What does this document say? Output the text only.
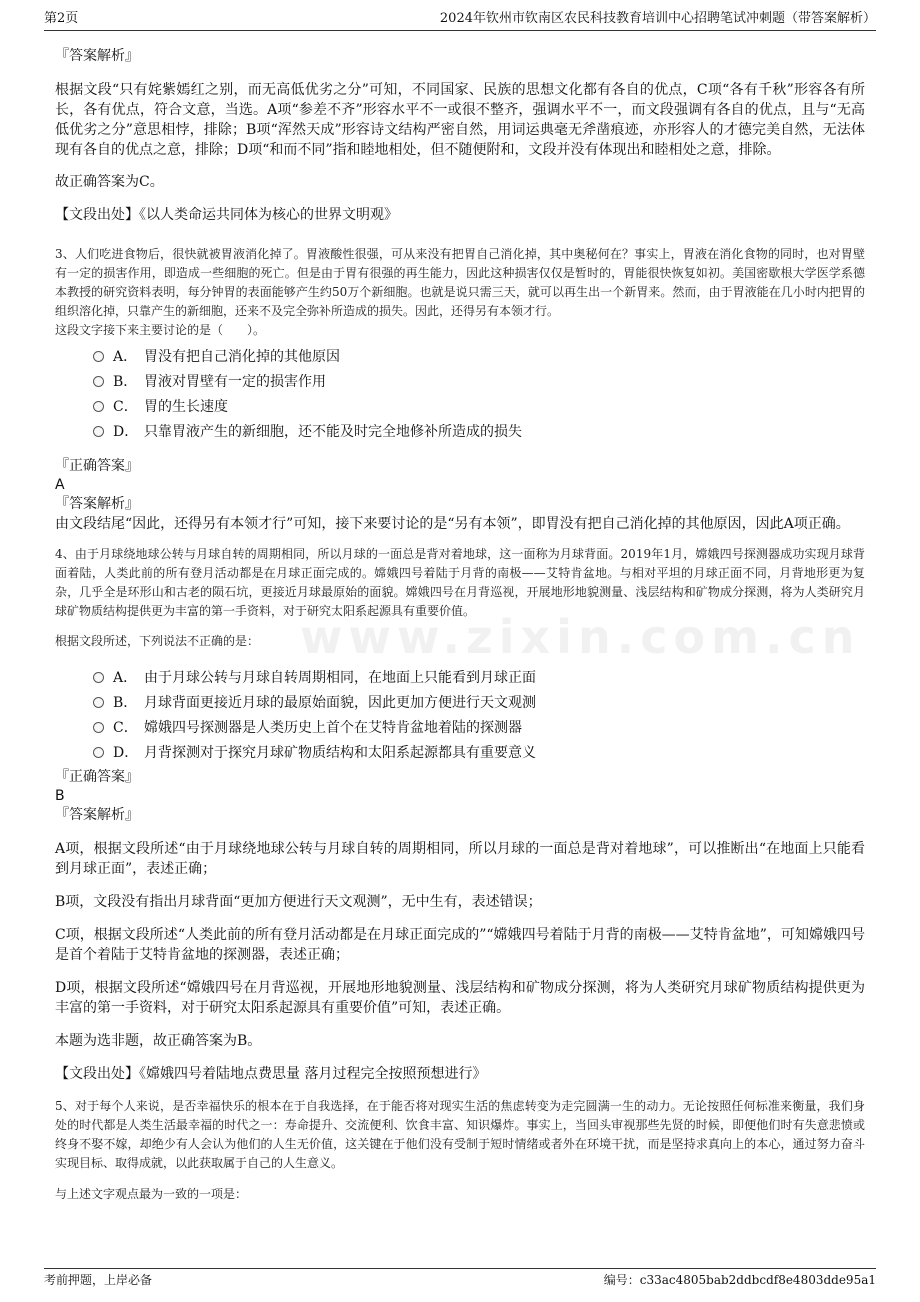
第2页	2024年钦州市钦南区农民科技教育培训中心招聘笔试冲刺题（带答案解析）
www.zixin.com.cn

『答案解析』

根据文段“只有姹紫嫣红之别，而无高低优劣之分”可知，不同国家、民族的思想文化都有各自的优点，C项“各有千秋”形容各有所长，各有优点，符合文意，当选。A项“参差不齐”形容水平不一或很不整齐，强调水平不一，而文段强调有各自的优点，且与“无高低优劣之分”意思相悖，排除；B项“浑然天成”形容诗文结构严密自然，用词运典毫无斧凿痕迹，亦形容人的才德完美自然，无法体现有各自的优点之意，排除；D项“和而不同”指和睦地相处，但不随便附和，文段并没有体现出和睦相处之意，排除。

故正确答案为C。

【文段出处】《以人类命运共同体为核心的世界文明观》

3、人们吃进食物后，很快就被胃液消化掉了。胃液酸性很强，可从来没有把胃自己消化掉，其中奥秘何在？事实上，胃液在消化食物的同时，也对胃壁有一定的损害作用，即造成一些细胞的死亡。但是由于胃有很强的再生能力，因此这种损害仅仅是暂时的，胃能很快恢复如初。美国密歇根大学医学系德本教授的研究资料表明，每分钟胃的表面能够产生约50万个新细胞。也就是说只需三天，就可以再生出一个新胃来。然而，由于胃液能在几小时内把胃的组织溶化掉，只靠产生的新细胞，还来不及完全弥补所造成的损失。因此，还得另有本领才行。

这段文字接下来主要讨论的是（　　）。

A． 胃没有把自己消化掉的其他原因
B． 胃液对胃壁有一定的损害作用
C． 胃的生长速度
D． 只靠胃液产生的新细胞，还不能及时完全地修补所造成的损失

『正确答案』

A

『答案解析』

由文段结尾“因此，还得另有本领才行”可知，接下来要讨论的是“另有本领”，即胃没有把自己消化掉的其他原因，因此A项正确。

4、由于月球绕地球公转与月球自转的周期相同，所以月球的一面总是背对着地球，这一面称为月球背面。2019年1月，嫦娥四号探测器成功实现月球背面着陆，人类此前的所有登月活动都是在月球正面完成的。嫦娥四号着陆于月背的南极——艾特肯盆地。与相对平坦的月球正面不同，月背地形更为复杂，几乎全是环形山和古老的陨石坑，更接近月球最原始的面貌。嫦娥四号在月背巡视，开展地形地貌测量、浅层结构和矿物成分探测，将为人类研究月球矿物质结构提供更为丰富的第一手资料，对于研究太阳系起源具有重要价值。

根据文段所述，下列说法不正确的是：

A． 由于月球公转与月球自转周期相同，在地面上只能看到月球正面
B． 月球背面更接近月球的最原始面貌，因此更加方便进行天文观测
C． 嫦娥四号探测器是人类历史上首个在艾特肯盆地着陆的探测器
D． 月背探测对于探究月球矿物质结构和太阳系起源都具有重要意义

『正确答案』

B

『答案解析』

A项，根据文段所述“由于月球绕地球公转与月球自转的周期相同，所以月球的一面总是背对着地球”，可以推断出“在地面上只能看到月球正面”，表述正确；

B项，文段没有指出月球背面“更加方便进行天文观测”，无中生有，表述错误；

C项，根据文段所述“人类此前的所有登月活动都是在月球正面完成的”“嫦娥四号着陆于月背的南极——艾特肯盆地”，可知嫦娥四号是首个着陆于艾特肯盆地的探测器，表述正确；

D项，根据文段所述“嫦娥四号在月背巡视，开展地形地貌测量、浅层结构和矿物成分探测，将为人类研究月球矿物质结构提供更为丰富的第一手资料，对于研究太阳系起源具有重要价值”可知，表述正确。

本题为选非题，故正确答案为B。

【文段出处】《嫦娥四号着陆地点费思量 落月过程完全按照预想进行》

5、对于每个人来说，是否幸福快乐的根本在于自我选择，在于能否将对现实生活的焦虑转变为走完圆满一生的动力。无论按照任何标准来衡量，我们身处的时代都是人类生活最幸福的时代之一：寿命提升、交流便利、饮食丰富、知识爆炸。事实上，当回头审视那些先贤的时候，即便他们时有失意悲愤或终身不娶不嫁，却绝少有人会认为他们的人生无价值，这关键在于他们没有受制于短时情绪或者外在环境干扰，而是坚持求真向上的本心，通过努力奋斗实现目标、取得成就，以此获取属于自己的人生意义。

与上述文字观点最为一致的一项是：

考前押题，上岸必备	编号：c33ac4805bab2ddbcdf8e4803dde95a1
